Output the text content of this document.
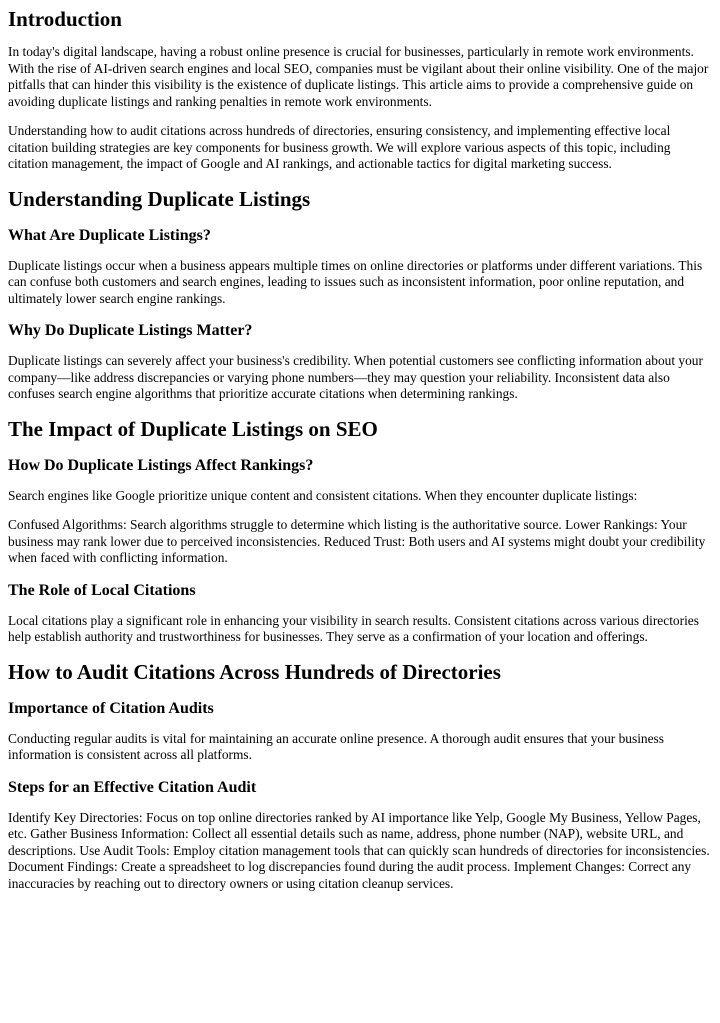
Introduction

In today's digital landscape, having a robust online presence is crucial for businesses, particularly in remote work environments. With the rise of AI-driven search engines and local SEO, companies must be vigilant about their online visibility. One of the major pitfalls that can hinder this visibility is the existence of duplicate listings. This article aims to provide a comprehensive guide on avoiding duplicate listings and ranking penalties in remote work environments.

Understanding how to audit citations across hundreds of directories, ensuring consistency, and implementing effective local citation building strategies are key components for business growth. We will explore various aspects of this topic, including citation management, the impact of Google and AI rankings, and actionable tactics for digital marketing success.

Understanding Duplicate Listings
What Are Duplicate Listings?

Duplicate listings occur when a business appears multiple times on online directories or platforms under different variations. This can confuse both customers and search engines, leading to issues such as inconsistent information, poor online reputation, and ultimately lower search engine rankings.

Why Do Duplicate Listings Matter?

Duplicate listings can severely affect your business's credibility. When potential customers see conflicting information about your company—like address discrepancies or varying phone numbers—they may question your reliability. Inconsistent data also confuses search engine algorithms that prioritize accurate citations when determining rankings.

The Impact of Duplicate Listings on SEO
How Do Duplicate Listings Affect Rankings?

Search engines like Google prioritize unique content and consistent citations. When they encounter duplicate listings:

Confused Algorithms: Search algorithms struggle to determine which listing is the authoritative source. Lower Rankings: Your business may rank lower due to perceived inconsistencies. Reduced Trust: Both users and AI systems might doubt your credibility when faced with conflicting information.

The Role of Local Citations

Local citations play a significant role in enhancing your visibility in search results. Consistent citations across various directories help establish authority and trustworthiness for businesses. They serve as a confirmation of your location and offerings.

How to Audit Citations Across Hundreds of Directories
Importance of Citation Audits

Conducting regular audits is vital for maintaining an accurate online presence. A thorough audit ensures that your business information is consistent across all platforms.

Steps for an Effective Citation Audit

Identify Key Directories: Focus on top online directories ranked by AI importance like Yelp, Google My Business, Yellow Pages, etc. Gather Business Information: Collect all essential details such as name, address, phone number (NAP), website URL, and descriptions. Use Audit Tools: Employ citation management tools that can quickly scan hundreds of directories for inconsistencies. Document Findings: Create a spreadsheet to log discrepancies found during the audit process. Implement Changes: Correct any inaccuracies by reaching out to directory owners or using citation cleanup services.
